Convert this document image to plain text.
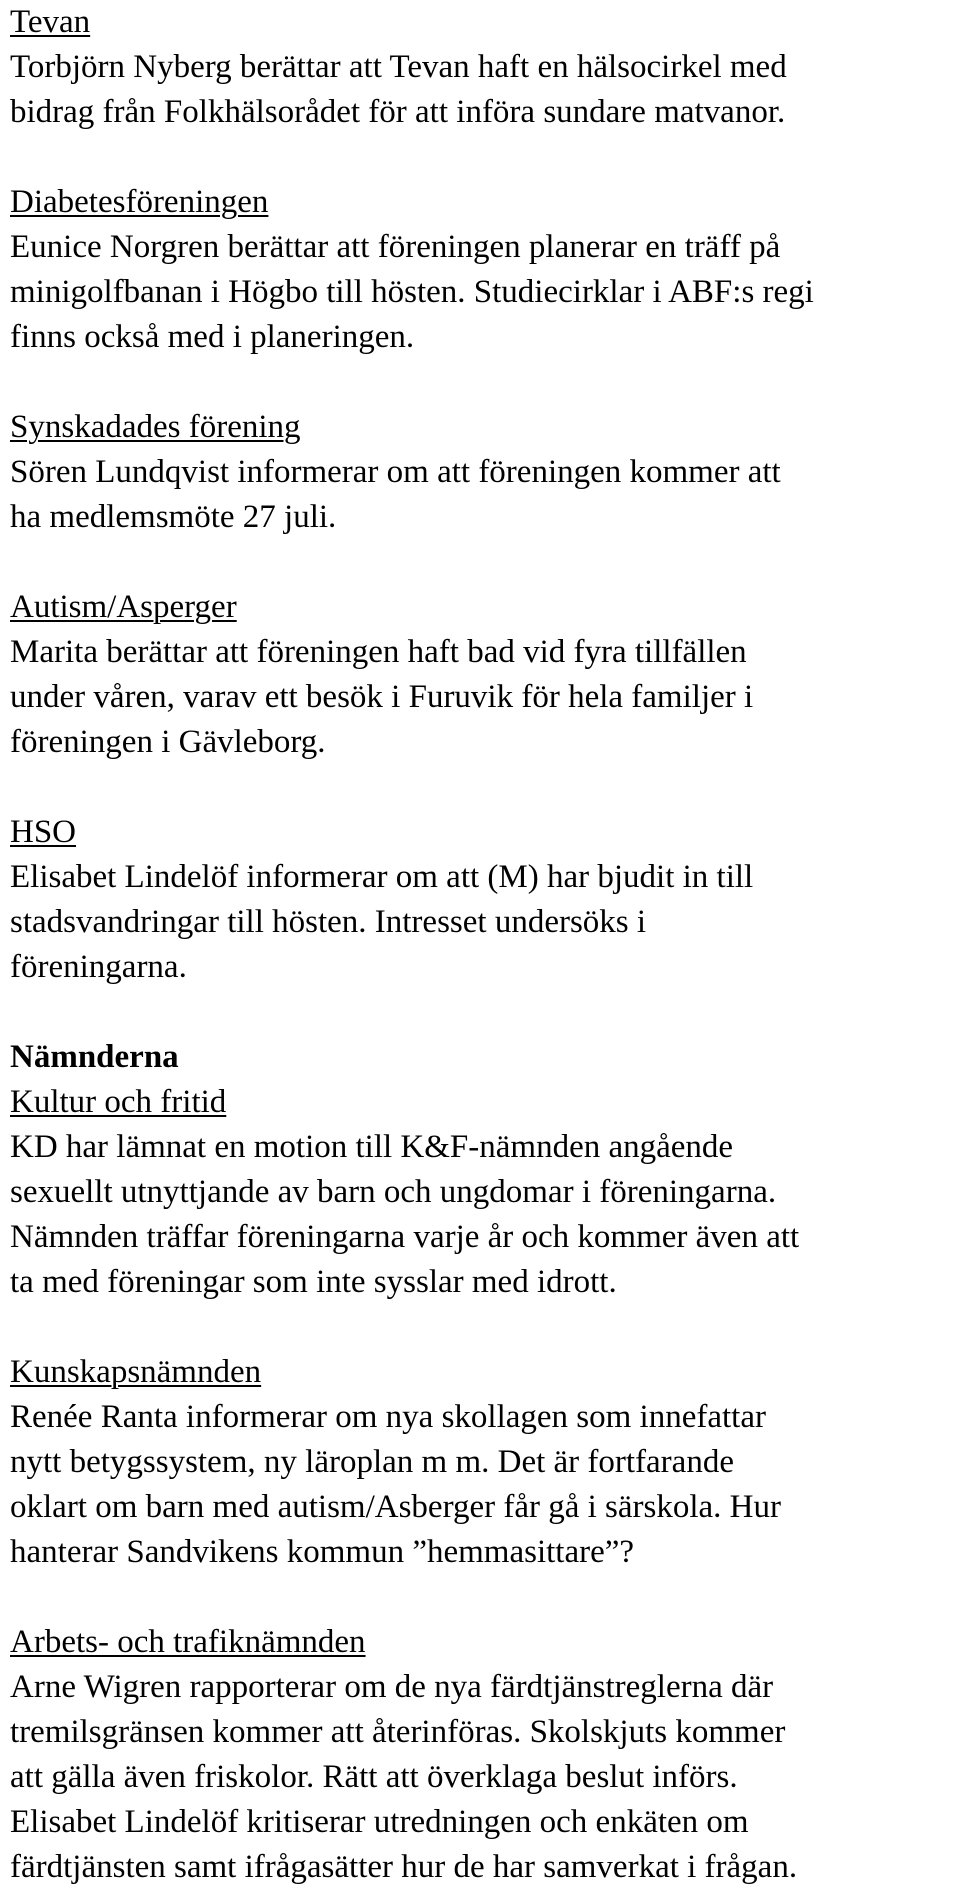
Tevan

Torbjörn Nyberg berättar att Tevan haft en hälsocirkel med

bidrag från Folkhälsorådet för att införa sundare matvanor.

Diabetesföreningen

Eunice Norgren berättar att föreningen planerar en träff på

minigolfbanan i Högbo till hösten. Studiecirklar i ABF:s regi

finns också med i planeringen.

Synskadades förening

Sören Lundqvist informerar om att föreningen kommer att

ha medlemsmöte 27 juli.

Autism/Asperger

Marita berättar att föreningen haft bad vid fyra tillfällen

under våren, varav ett besök i Furuvik för hela familjer i

föreningen i Gävleborg.

HSO

Elisabet Lindelöf informerar om att (M) har bjudit in till

stadsvandringar till hösten. Intresset undersöks i

föreningarna.

Nämnderna

Kultur och fritid

KD har lämnat en motion till K&F-nämnden angående

sexuellt utnyttjande av barn och ungdomar i föreningarna.

Nämnden träffar föreningarna varje år och kommer även att

ta med föreningar som inte sysslar med idrott.

Kunskapsnämnden

Renée Ranta informerar om nya skollagen som innefattar

nytt betygssystem, ny läroplan m m. Det är fortfarande

oklart om barn med autism/Asberger får gå i särskola. Hur

hanterar Sandvikens kommun ”hemmasittare”?

Arbets- och trafiknämnden

Arne Wigren rapporterar om de nya färdtjänstreglerna där

tremilsgränsen kommer att återinföras. Skolskjuts kommer

att gälla även friskolor. Rätt att överklaga beslut införs.

Elisabet Lindelöf kritiserar utredningen och enkäten om

färdtjänsten samt ifrågasätter hur de har samverkat i frågan.
